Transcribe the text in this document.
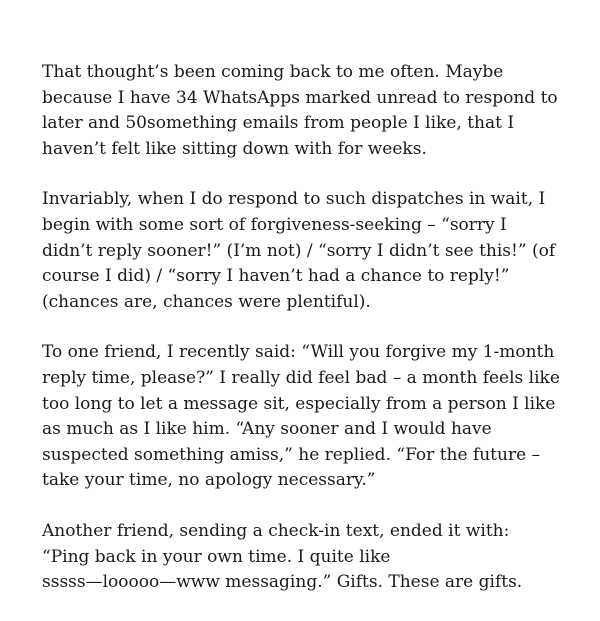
That thought’s been coming back to me often. Maybe
because I have 34 WhatsApps marked unread to respond to
later and 50something emails from people I like, that I
haven’t felt like sitting down with for weeks.

Invariably, when I do respond to such dispatches in wait, I
begin with some sort of forgiveness-seeking – “sorry I
didn’t reply sooner!” (I’m not) / “sorry I didn’t see this!” (of
course I did) / “sorry I haven’t had a chance to reply!”
(chances are, chances were plentiful).

To one friend, I recently said: “Will you forgive my 1-month
reply time, please?” I really did feel bad – a month feels like
too long to let a message sit, especially from a person I like
as much as I like him. “Any sooner and I would have
suspected something amiss,” he replied. “For the future –
take your time, no apology necessary.”

Another friend, sending a check-in text, ended it with:
“Ping back in your own time. I quite like
sssss—looooo—www messaging.” Gifts. These are gifts.
